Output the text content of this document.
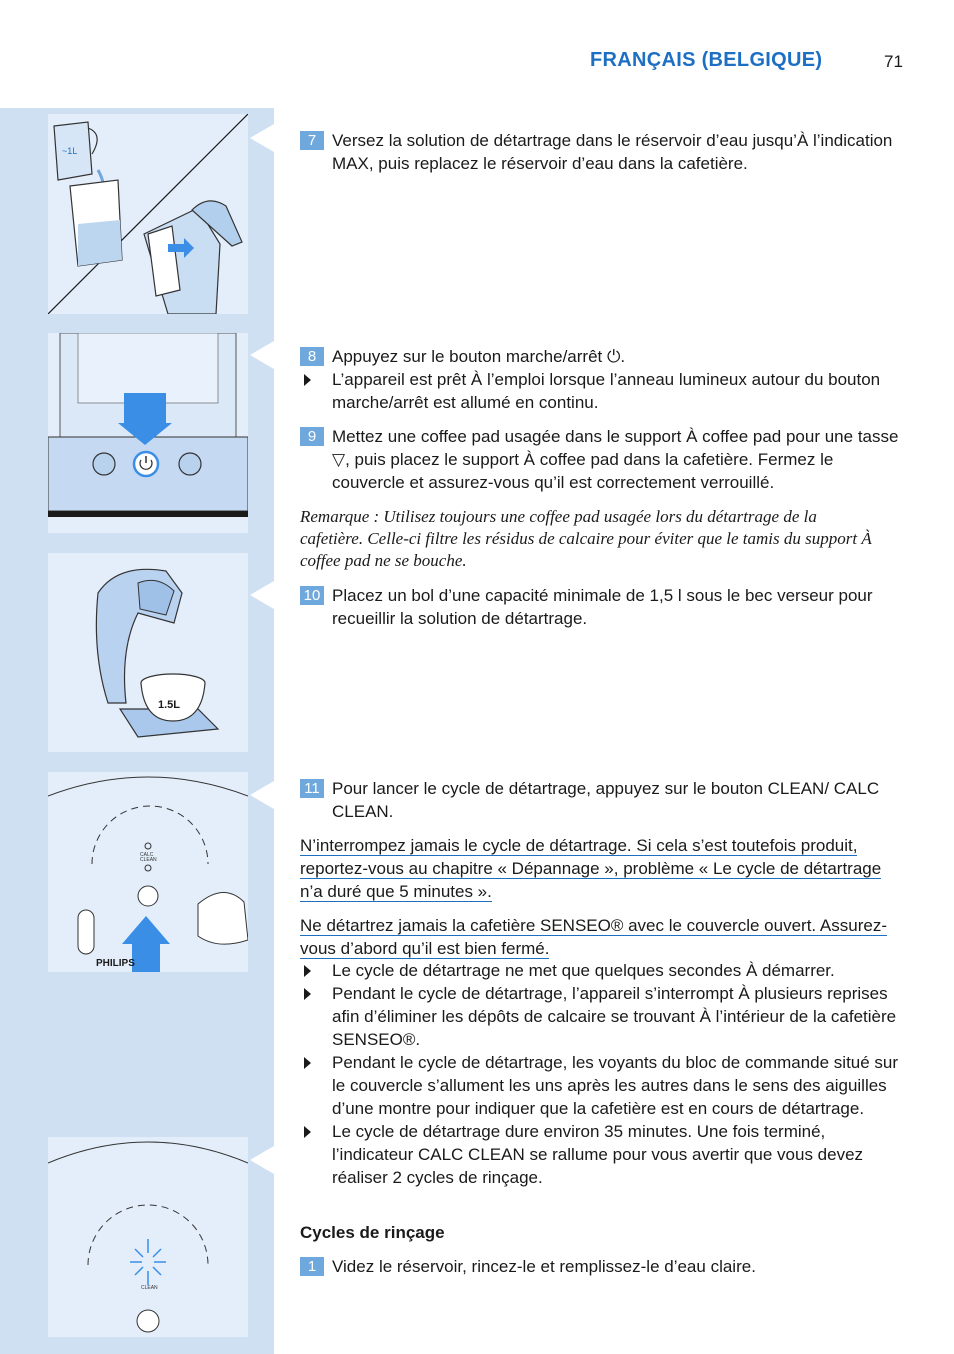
FRANÇAIS (BELGIQUE)	71
~1L
1.5L
CALC
CLEAN
PHILIPS
CLEAN
7 Versez la solution de détartrage dans le réservoir d’eau jusqu’À l’indication MAX, puis replacez le réservoir d’eau dans la cafetière.
8 Appuyez sur le bouton marche/arrêt ⏻.
L’appareil est prêt À l’emploi lorsque l’anneau lumineux autour du bouton marche/arrêt est allumé en continu.
9 Mettez une coffee pad usagée dans le support À coffee pad pour une tasse ▽, puis placez le support À coffee pad dans la cafetière. Fermez le couvercle et assurez-vous qu’il est correctement verrouillé.
Remarque : Utilisez toujours une coffee pad usagée lors du détartrage de la cafetière. Celle-ci filtre les résidus de calcaire pour éviter que le tamis du support À coffee pad ne se bouche.
10 Placez un bol d’une capacité minimale de 1,5 l sous le bec verseur pour recueillir la solution de détartrage.
11 Pour lancer le cycle de détartrage, appuyez sur le bouton CLEAN/ CALC CLEAN.
N’interrompez jamais le cycle de détartrage. Si cela s’est toutefois produit, reportez-vous au chapitre « Dépannage », problème « Le cycle de détartrage n’a duré que 5 minutes ».
Ne détartrez jamais la cafetière SENSEO® avec le couvercle ouvert. Assurez-vous d’abord qu’il est bien fermé.
Le cycle de détartrage ne met que quelques secondes À démarrer.
Pendant le cycle de détartrage, l’appareil s’interrompt À plusieurs reprises afin d’éliminer les dépôts de calcaire se trouvant À l’intérieur de la cafetière SENSEO®.
Pendant le cycle de détartrage, les voyants du bloc de commande situé sur le couvercle s’allument les uns après les autres dans le sens des aiguilles d’une montre pour indiquer que la cafetière est en cours de détartrage.
Le cycle de détartrage dure environ 35 minutes. Une fois terminé, l’indicateur CALC CLEAN se rallume pour vous avertir que vous devez réaliser 2 cycles de rinçage.
Cycles de rinçage
1 Videz le réservoir, rincez-le et remplissez-le d’eau claire.
